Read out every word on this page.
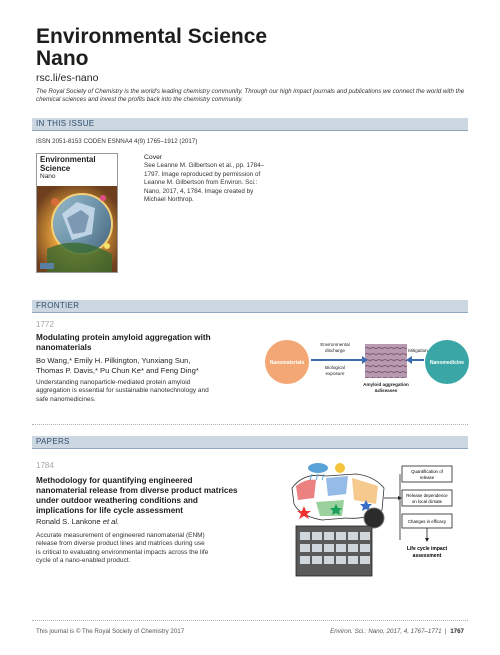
Environmental Science
Nano
rsc.li/es-nano
The Royal Society of Chemistry is the world's leading chemistry community. Through our high impact journals and publications we connect the world with the chemical sciences and invest the profits back into the chemistry community.
IN THIS ISSUE
ISSN 2051-8153 CODEN ESNNA4 4(9) 1765–1912 (2017)
Environmental
Science
Nano
Cover
See Leanne M. Gilbertson et al., pp. 1784–1797. Image reproduced by permission of Leanne M. Gilbertson from Environ. Sci.: Nano, 2017, 4, 1784. Image created by Michael Northrop.
FRONTIER
1772
Modulating protein amyloid aggregation with
nanomaterials
Bo Wang,* Emily H. Pilkington, Yunxiang Sun,
Thomas P. Davis,* Pu Chun Ke* and Feng Ding*
Understanding nanoparticle-mediated protein amyloid
aggregation is essential for sustainable nanotechnology and
safe nanomedicines.
Nanomaterials	Nanomedicine
Environmental
discharge
Biological
exposure
Mitigation
Amyloid aggregation
&diseases
PAPERS
1784
Methodology for quantifying engineered
nanomaterial release from diverse product matrices
under outdoor weathering conditions and
implications for life cycle assessment
Ronald S. Lankone et al.
Accurate measurement of engineered nanomaterial (ENM)
release from diverse product lines and matrices during use
is critical to evaluating environmental impacts across the life
cycle of a nano-enabled product.
Quantification of
release
Release dependence
on local climate
Changes in efficacy
Life cycle impact
assessment
This journal is © The Royal Society of Chemistry 2017	Environ. Sci.: Nano, 2017, 4, 1767–1771 | 1767
